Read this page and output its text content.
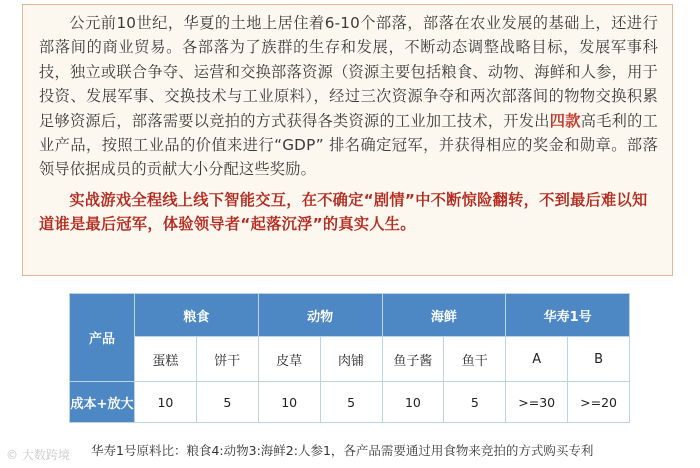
公元前10世纪，华夏的土地上居住着6-10个部落，部落在农业发展的基础上，还进行部落间的商业贸易。各部落为了族群的生存和发展，不断动态调整战略目标，发展军事科技，独立或联合争夺、运营和交换部落资源（资源主要包括粮食、动物、海鲜和人参，用于投资、发展军事、交换技术与工业原料），经过三次资源争夺和两次部落间的物物交换积累足够资源后，部落需要以竞拍的方式获得各类资源的工业加工技术，开发出四款高毛利的工业产品，按照工业品的价值来进行“GDP” 排名确定冠军，并获得相应的奖金和勋章。部落领导依据成员的贡献大小分配这些奖励。

实战游戏全程线上线下智能交互，在不确定“剧情”中不断惊险翻转，不到最后难以知道谁是最后冠军，体验领导者“起落沉浮”的真实人生。

产品	粮食		动物		海鲜		华寿1号	
	蛋糕	饼干	皮草	肉铺	鱼子酱	鱼干	A	B
成本+放大	10	5	10	5	10	5	>=30	>=20
华寿1号原料比：粮食4:动物3:海鲜2:人参1，各产品需要通过用食物来竞拍的方式购买专利
© 大数跨境
